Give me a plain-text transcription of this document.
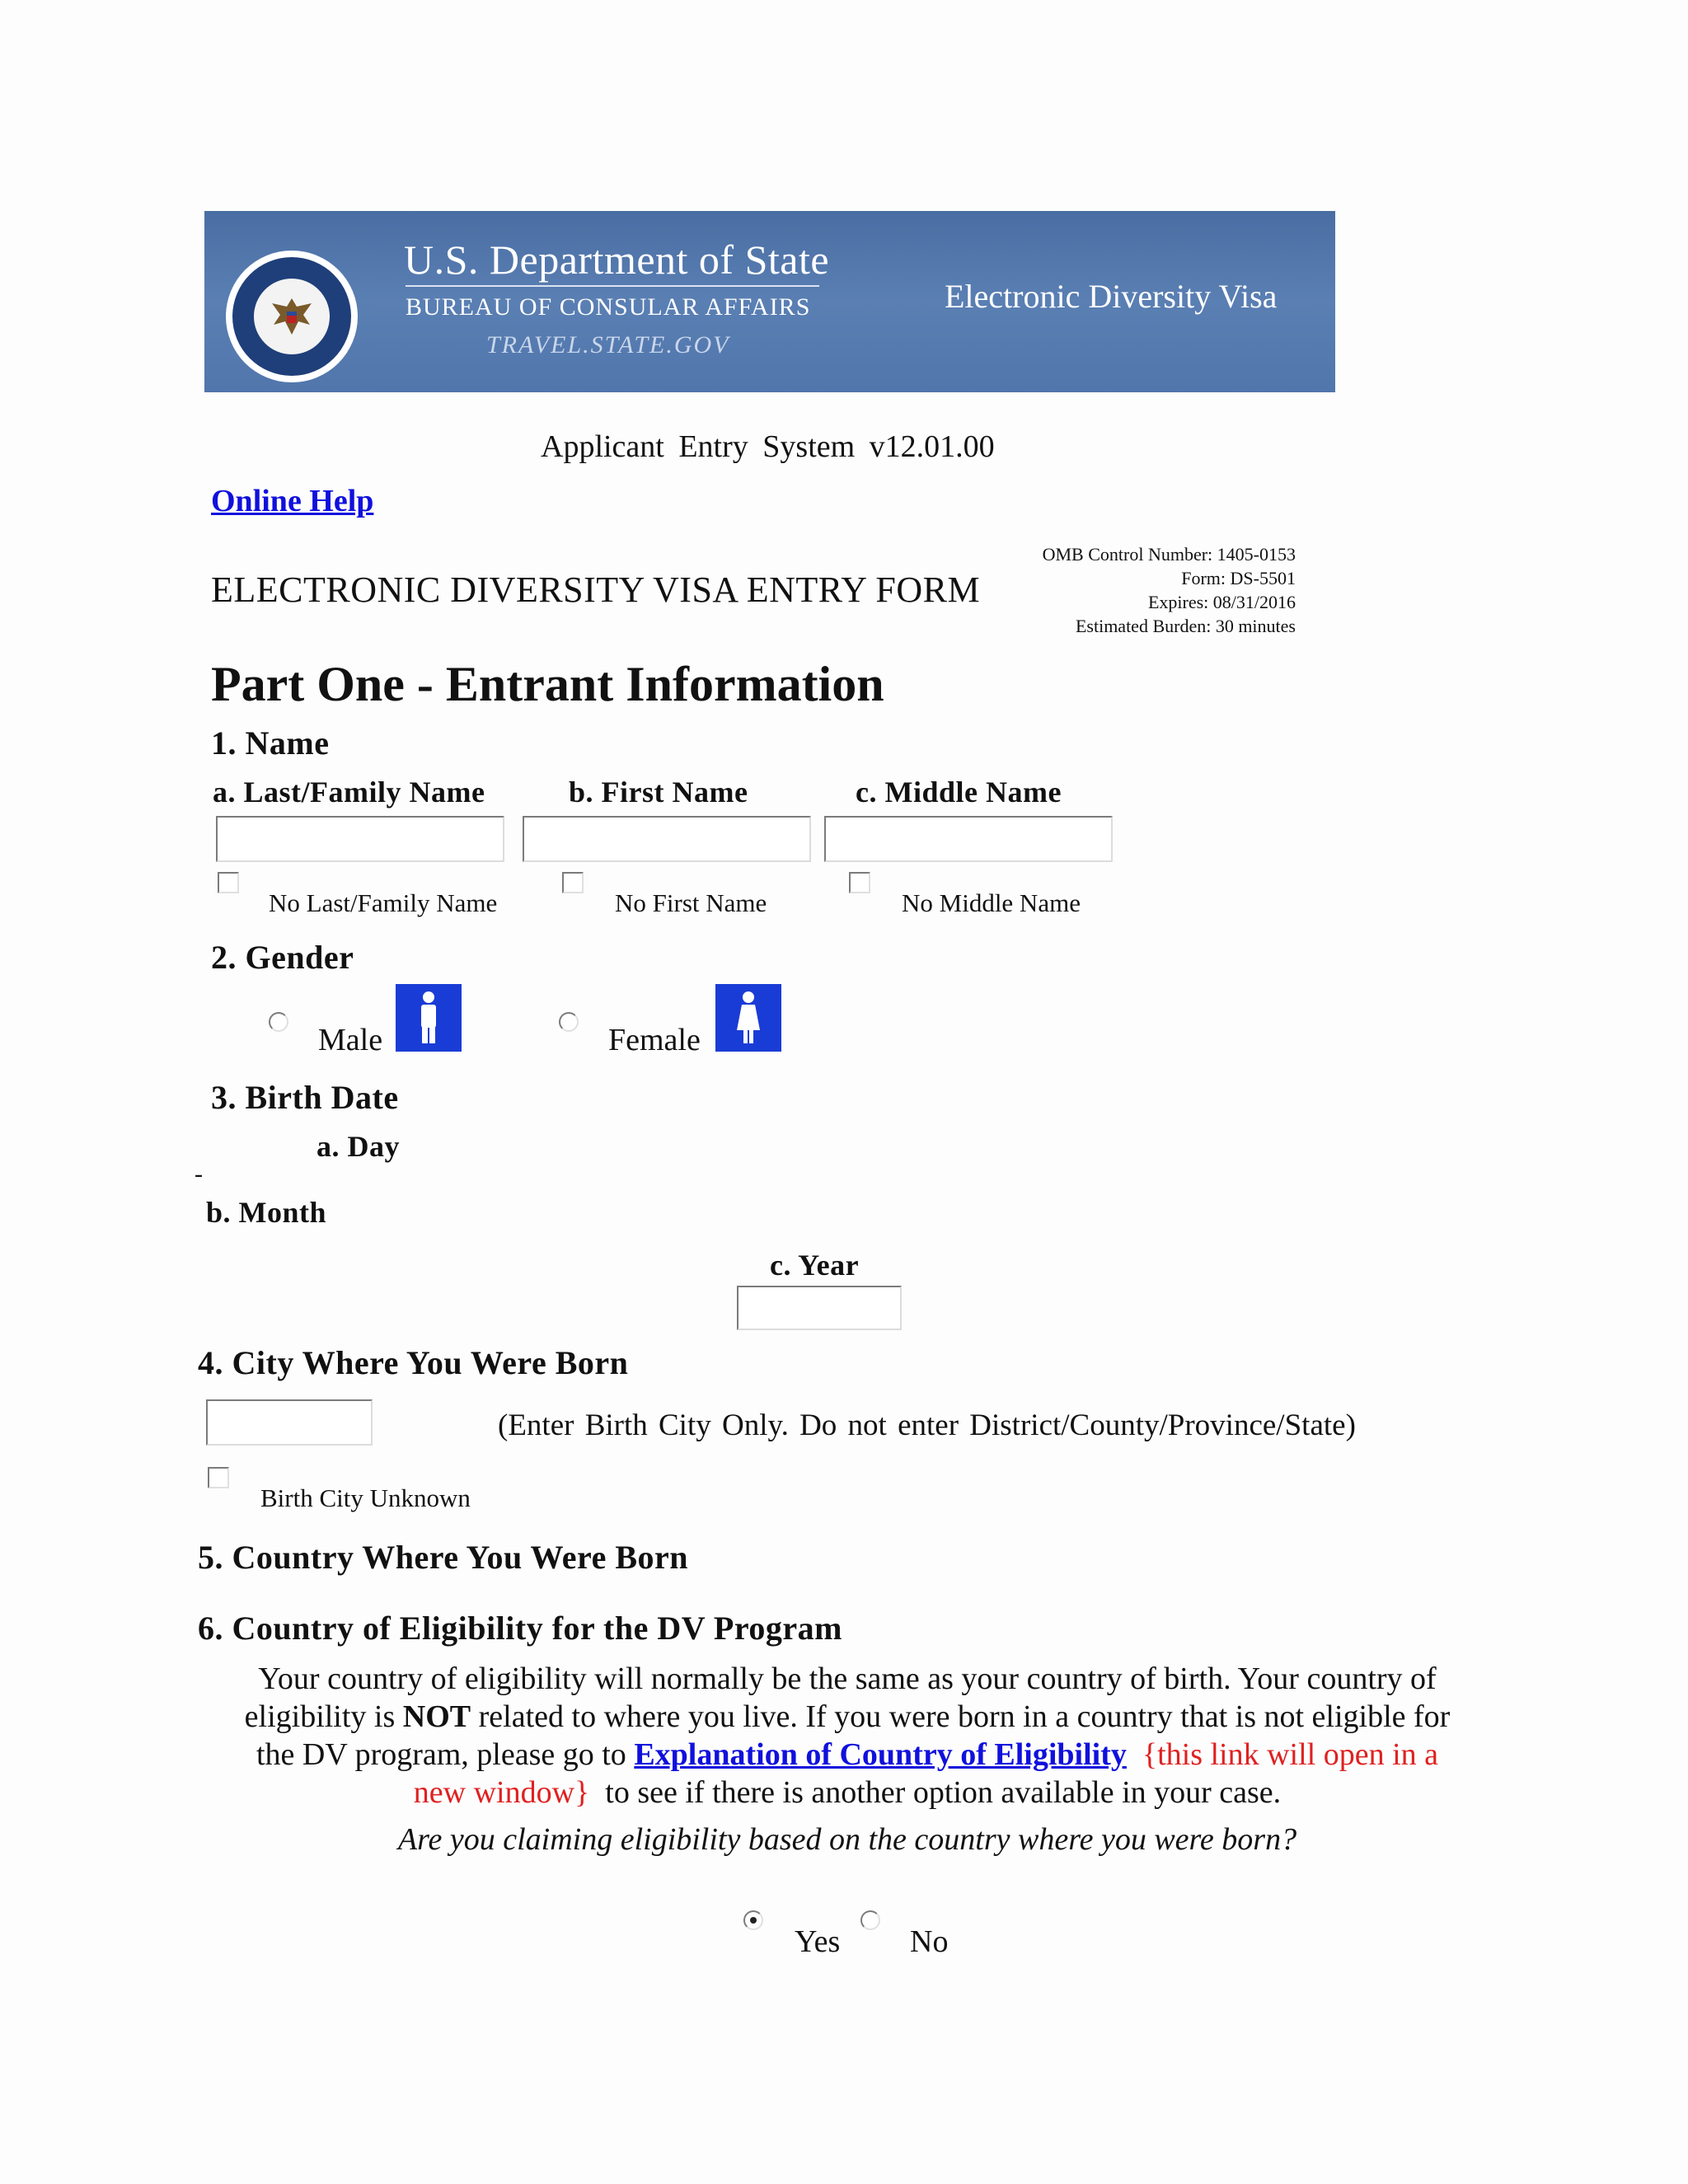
U.S. Department of State
BUREAU OF CONSULAR AFFAIRS
TRAVEL.STATE.GOV
Electronic Diversity Visa
Applicant Entry System v12.01.00
Online Help
ELECTRONIC DIVERSITY VISA ENTRY FORM
OMB Control Number: 1405-0153
Form: DS-5501
Expires: 08/31/2016
Estimated Burden: 30 minutes
Part One - Entrant Information
1. Name
a. Last/Family Name	b. First Name	c. Middle Name
No Last/Family Name	No First Name	No Middle Name
2. Gender
Male	Female
3. Birth Date
a. Day
-
b. Month
c. Year
4. City Where You Were Born
(Enter Birth City Only. Do not enter District/County/Province/State)
Birth City Unknown
5. Country Where You Were Born
6. Country of Eligibility for the DV Program
Your country of eligibility will normally be the same as your country of birth. Your country of
eligibility is NOT related to where you live. If you were born in a country that is not eligible for
the DV program, please go to Explanation of Country of Eligibility {this link will open in a
new window} to see if there is another option available in your case.
Are you claiming eligibility based on the country where you were born?
Yes No
